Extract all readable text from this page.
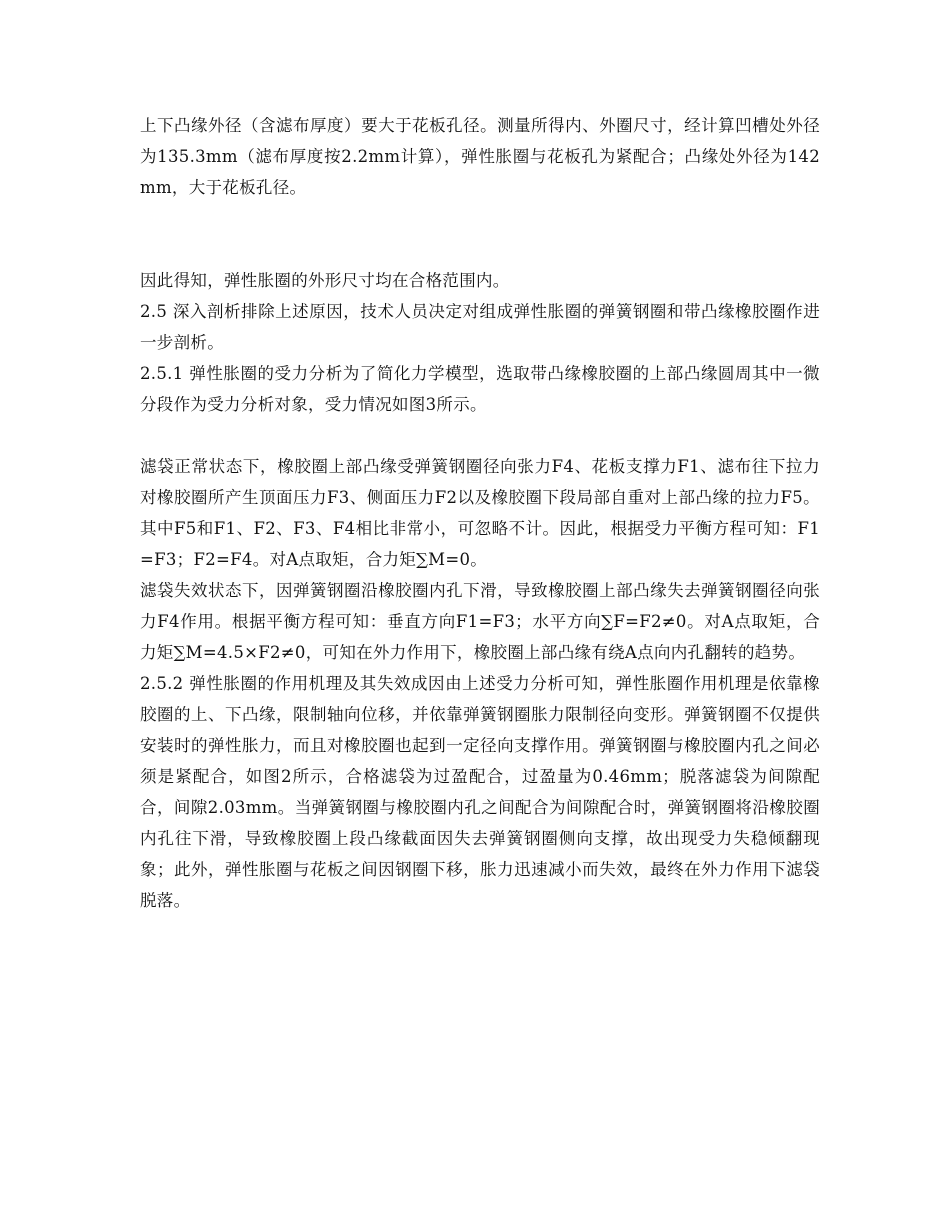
上下凸缘外径（含滤布厚度）要大于花板孔径。测量所得内、外圈尺寸，经计算凹槽处外径为135.3mm（滤布厚度按2.2mm计算），弹性胀圈与花板孔为紧配合；凸缘处外径为142mm，大于花板孔径。

因此得知，弹性胀圈的外形尺寸均在合格范围内。

2.5 深入剖析排除上述原因，技术人员决定对组成弹性胀圈的弹簧钢圈和带凸缘橡胶圈作进一步剖析。

2.5.1 弹性胀圈的受力分析为了简化力学模型，选取带凸缘橡胶圈的上部凸缘圆周其中一微分段作为受力分析对象，受力情况如图3所示。

滤袋正常状态下，橡胶圈上部凸缘受弹簧钢圈径向张力F4、花板支撑力F1、滤布往下拉力对橡胶圈所产生顶面压力F3、侧面压力F2以及橡胶圈下段局部自重对上部凸缘的拉力F5。其中F5和F1、F2、F3、F4相比非常小，可忽略不计。因此，根据受力平衡方程可知：F1=F3；F2=F4。对A点取矩，合力矩∑M=0。

滤袋失效状态下，因弹簧钢圈沿橡胶圈内孔下滑，导致橡胶圈上部凸缘失去弹簧钢圈径向张力F4作用。根据平衡方程可知：垂直方向F1=F3；水平方向∑F=F2≠0。对A点取矩，合力矩∑M=4.5×F2≠0，可知在外力作用下，橡胶圈上部凸缘有绕A点向内孔翻转的趋势。

2.5.2 弹性胀圈的作用机理及其失效成因由上述受力分析可知，弹性胀圈作用机理是依靠橡胶圈的上、下凸缘，限制轴向位移，并依靠弹簧钢圈胀力限制径向变形。弹簧钢圈不仅提供安装时的弹性胀力，而且对橡胶圈也起到一定径向支撑作用。弹簧钢圈与橡胶圈内孔之间必须是紧配合，如图2所示，合格滤袋为过盈配合，过盈量为0.46mm；脱落滤袋为间隙配合，间隙2.03mm。当弹簧钢圈与橡胶圈内孔之间配合为间隙配合时，弹簧钢圈将沿橡胶圈内孔往下滑，导致橡胶圈上段凸缘截面因失去弹簧钢圈侧向支撑，故出现受力失稳倾翻现象；此外，弹性胀圈与花板之间因钢圈下移，胀力迅速减小而失效，最终在外力作用下滤袋脱落。
